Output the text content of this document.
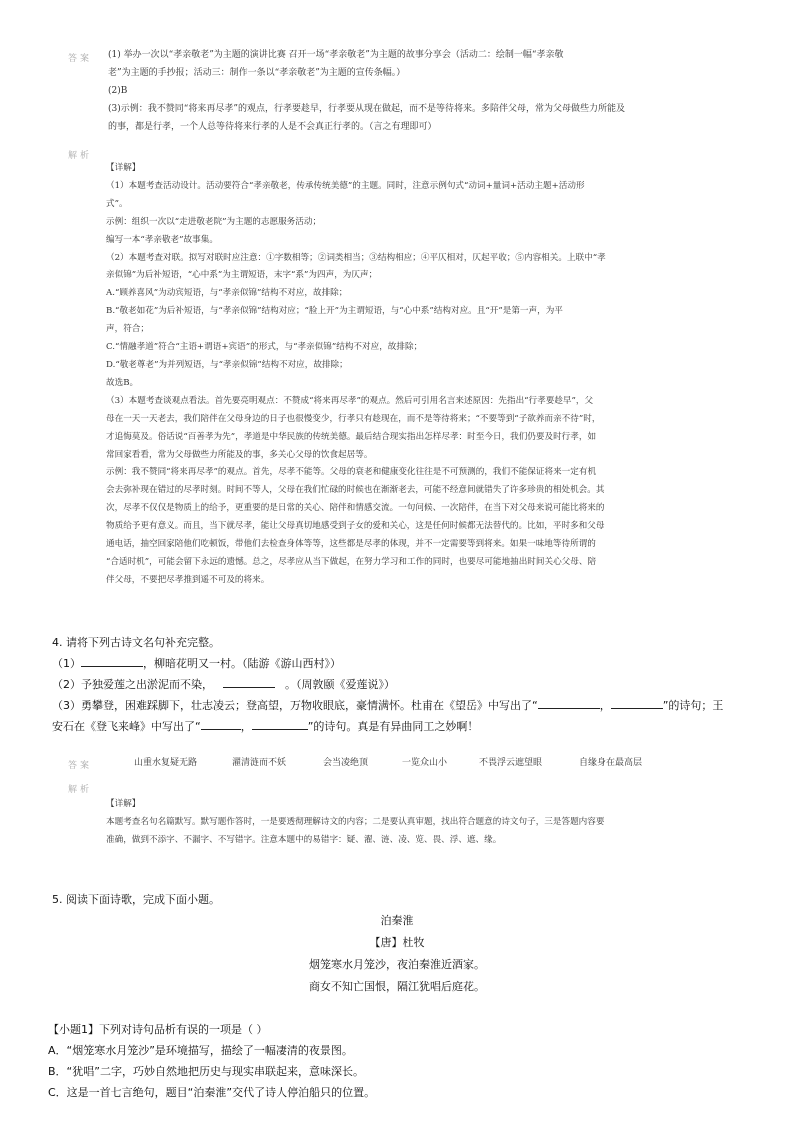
答案 (1) 举办一次以“孝亲敬老”为主题的演讲比赛 召开一场“孝亲敬老”为主题的故事分享会（活动二：绘制一幅“孝亲敬

老”为主题的手抄报；活动三：制作一条以“孝亲敬老”为主题的宣传条幅。）

(2)B

(3)示例：我不赞同“将来再尽孝”的观点，行孝要趁早，行孝要从现在做起，而不是等待将来。多陪伴父母，常为父母做些力所能及

的事，都是行孝，一个人总等待将来行孝的人是不会真正行孝的。（言之有理即可）

解析

【详解】

（1）本题考查活动设计。活动要符合“孝亲敬老，传承传统美德”的主题。同时，注意示例句式“动词+量词+活动主题+活动形

式”。

示例：组织一次以“走进敬老院”为主题的志愿服务活动；

编写一本“孝亲敬老”故事集。

（2）本题考查对联。拟写对联时应注意：①字数相等；②词类相当；③结构相应；④平仄相对，仄起平收；⑤内容相关。上联中“孝

亲似锦”为后补短语，“心中系”为主谓短语，末字“系”为四声，为仄声；

A.“顾养喜风”为动宾短语，与“孝亲似锦”结构不对应，故排除；

B.“敬老如花”为后补短语，与“孝亲似锦”结构对应；“脸上开”为主谓短语，与“心中系”结构对应。且“开”是第一声，为平

声，符合；

C.“情融孝道”符合“主语+谓语+宾语”的形式，与“孝亲似锦”结构不对应，故排除；

D.“敬老尊老”为并列短语，与“孝亲似锦”结构不对应，故排除；

故选B。

（3）本题考查谈观点看法。首先要亮明观点：不赞成“将来再尽孝”的观点。然后可引用名言来述原因：先指出“行孝要趁早”，父

母在一天一天老去，我们陪伴在父母身边的日子也很慢变少，行孝只有趁现在，而不是等待将来；“不要等到“子欲养而亲不待”时，

才追悔莫及。俗话说“百善孝为先”，孝道是中华民族的传统美德。最后结合现实指出怎样尽孝：时至今日，我们仍要及时行孝，如

常回家看看，常为父母做些力所能及的事，多关心父母的饮食起居等。

示例：我不赞同“将来再尽孝”的观点。首先，尽孝不能等。父母的衰老和健康变化往往是不可预测的，我们不能保证将来一定有机

会去弥补现在错过的尽孝时刻。时间不等人，父母在我们忙碌的时候也在渐渐老去，可能不经意间就错失了许多珍贵的相处机会。其

次，尽孝不仅仅是物质上的给予，更重要的是日常的关心、陪伴和情感交流。一句问候、一次陪伴，在当下对父母来说可能比将来的

物质给予更有意义。而且，当下就尽孝，能让父母真切地感受到子女的爱和关心，这是任何时候都无法替代的。比如，平时多和父母

通电话，抽空回家陪他们吃顿饭，带他们去检查身体等等，这些都是尽孝的体现，并不一定需要等到将来。如果一味地等待所谓的

“合适时机”，可能会留下永远的遗憾。总之，尽孝应从当下做起，在努力学习和工作的同时，也要尽可能地抽出时间关心父母、陪

伴父母，不要把尽孝推到遥不可及的将来。

4. 请将下列古诗文名句补充完整。

（1）	，柳暗花明又一村。（陆游《游山西村》）

（2）予独爱莲之出淤泥而不染，	。（周敦颐《爱莲说》）

（3）勇攀登，困难踩脚下，壮志凌云；登高望，万物收眼底，豪情满怀。杜甫在《望岳》中写出了“	，	”的诗句；王

安石在《登飞来峰》中写出了“	，	”的诗句。真是有异曲同工之妙啊！

答案	山重水复疑无路	濯清涟而不妖	会当凌绝顶	一览众山小	不畏浮云遮望眼	自缘身在最高层
解析

【详解】

本题考查名句名篇默写。默写题作答时，一是要透彻理解诗文的内容；二是要认真审题，找出符合题意的诗文句子，三是答题内容要

准确，做到不添字、不漏字、不写错字。注意本题中的易错字：疑、濯、涟、凌、览、畏、浮、遮、缘。

5. 阅读下面诗歌，完成下面小题。

泊秦淮

【唐】杜牧

烟笼寒水月笼沙，夜泊秦淮近酒家。

商女不知亡国恨，隔江犹唱后庭花。

【小题1】下列对诗句品析有误的一项是（ ）

A．“烟笼寒水月笼沙”是环境描写，描绘了一幅凄清的夜景图。

B．“犹唱”二字，巧妙自然地把历史与现实串联起来，意味深长。

C．这是一首七言绝句，题目“泊秦淮”交代了诗人停泊船只的位置。
